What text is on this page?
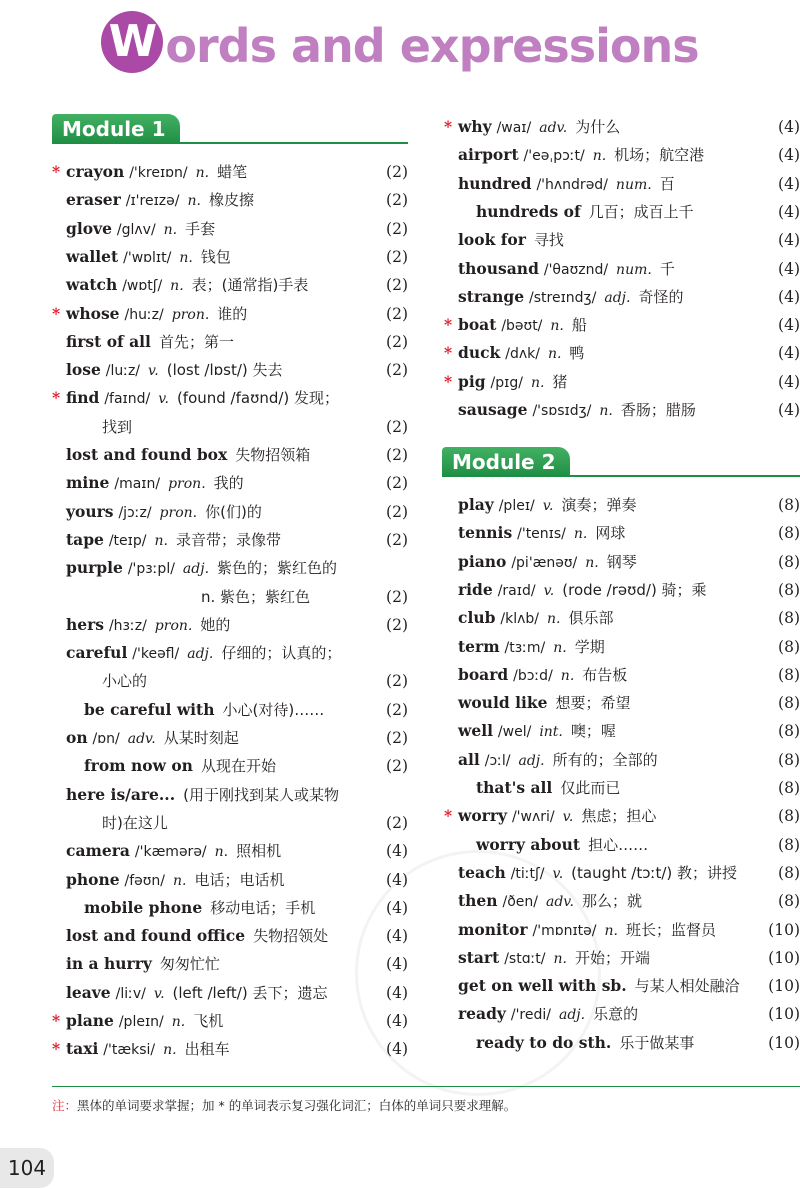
W ords and expressions
Module 1
* crayon /'kreɪɒn/ n. 蜡笔	(2)
eraser /ɪ'reɪzə/ n. 橡皮擦	(2)
glove /glʌv/ n. 手套	(2)
wallet /'wɒlɪt/ n. 钱包	(2)
watch /wɒtʃ/ n. 表；(通常指)手表	(2)
* whose /huːz/ pron. 谁的	(2)
first of all 首先；第一	(2)
lose /luːz/ v. (lost /lɒst/) 失去	(2)
* find /faɪnd/ v. (found /faʊnd/) 发现；
找到	(2)
lost and found box 失物招领箱	(2)
mine /maɪn/ pron. 我的	(2)
yours /jɔːz/ pron. 你(们)的	(2)
tape /teɪp/ n. 录音带；录像带	(2)
purple /'pɜːpl/ adj. 紫色的；紫红色的
n. 紫色；紫红色	(2)
hers /hɜːz/ pron. 她的	(2)
careful /'keəfl/ adj. 仔细的；认真的；
小心的	(2)
be careful with 小心(对待)……	(2)
on /ɒn/ adv. 从某时刻起	(2)
from now on 从现在开始	(2)
here is/are... (用于刚找到某人或某物
时)在这儿	(2)
camera /'kæmərə/ n. 照相机	(4)
phone /fəʊn/ n. 电话；电话机	(4)
mobile phone 移动电话；手机	(4)
lost and found office 失物招领处	(4)
in a hurry 匆匆忙忙	(4)
leave /liːv/ v. (left /left/) 丢下；遗忘	(4)
* plane /pleɪn/ n. 飞机	(4)
* taxi /'tæksi/ n. 出租车	(4)
* why /waɪ/ adv. 为什么	(4)
airport /'eəˌpɔːt/ n. 机场；航空港	(4)
hundred /'hʌndrəd/ num. 百	(4)
hundreds of 几百；成百上千	(4)
look for 寻找	(4)
thousand /'θaʊznd/ num. 千	(4)
strange /streɪndʒ/ adj. 奇怪的	(4)
* boat /bəʊt/ n. 船	(4)
* duck /dʌk/ n. 鸭	(4)
* pig /pɪg/ n. 猪	(4)
sausage /'sɒsɪdʒ/ n. 香肠；腊肠	(4)
Module 2
play /pleɪ/ v. 演奏；弹奏	(8)
tennis /'tenɪs/ n. 网球	(8)
piano /pi'ænəʊ/ n. 钢琴	(8)
ride /raɪd/ v. (rode /rəʊd/) 骑；乘	(8)
club /klʌb/ n. 俱乐部	(8)
term /tɜːm/ n. 学期	(8)
board /bɔːd/ n. 布告板	(8)
would like 想要；希望	(8)
well /wel/ int. 噢；喔	(8)
all /ɔːl/ adj. 所有的；全部的	(8)
that's all 仅此而已	(8)
* worry /'wʌri/ v. 焦虑；担心	(8)
worry about 担心……	(8)
teach /tiːtʃ/ v. (taught /tɔːt/) 教；讲授	(8)
then /ðen/ adv. 那么；就	(8)
monitor /'mɒnɪtə/ n. 班长；监督员	(10)
start /stɑːt/ n. 开始；开端	(10)
get on well with sb. 与某人相处融洽	(10)
ready /'redi/ adj. 乐意的	(10)
ready to do sth. 乐于做某事	(10)
注：黑体的单词要求掌握；加 * 的单词表示复习强化词汇；白体的单词只要求理解。
104
